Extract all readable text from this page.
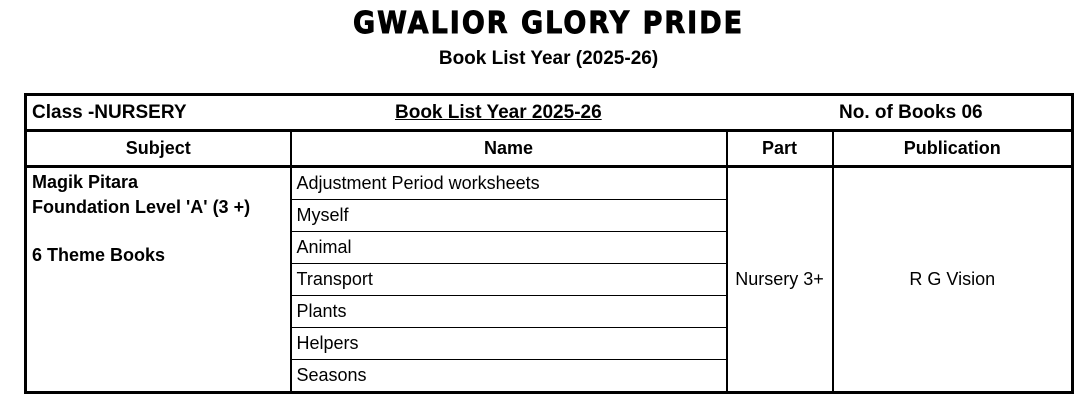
GWALIOR GLORY PRIDE
Book List Year (2025-26)
Class -NURSERY Book List Year 2025-26 No. of Books 06			

Subject	Name	Part	Publication

Magik Pitara
Foundation Level 'A' (3 +)
6 Theme Books	Adjustment Period worksheets	Nursery 3+	R G Vision
	Myself		
	Animal		
	Transport		
	Plants		
	Helpers		
	Seasons		
